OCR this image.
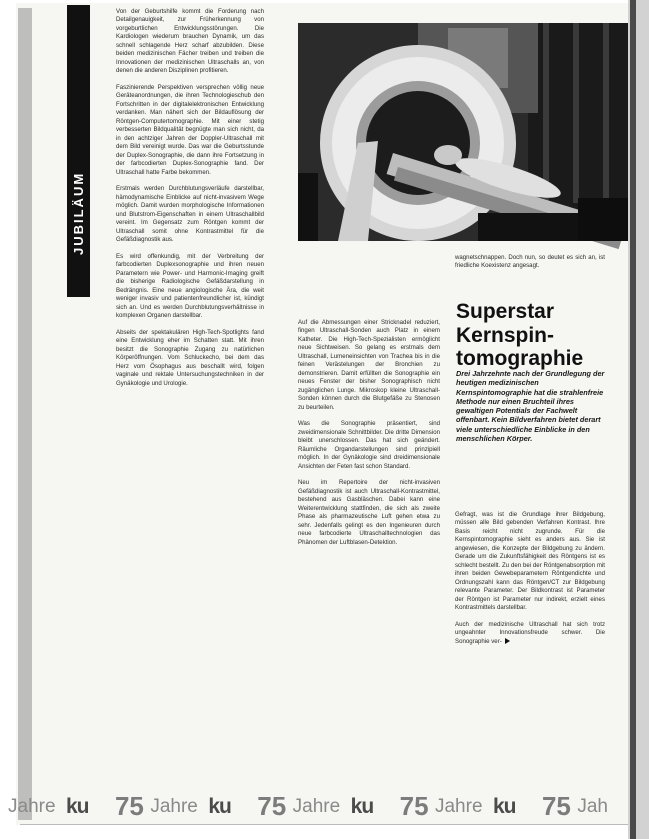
JUBILÄUM

Von der Geburtshilfe kommt die Forderung nach Detailgenauigkeit, zur Früherkennung von vorgeburtlichen Entwicklungsstörungen. Die Kardiologen wiederum brauchen Dynamik, um das schnell schlagende Herz scharf abzubilden. Diese beiden medizinischen Fächer treiben und treiben die Innovationen der medizinischen Ultraschalls an, von denen die anderen Disziplinen profitieren.

Faszinierende Perspektiven versprechen völlig neue Geräteanordnungen, die ihren Technologieschub den Fortschritten in der digitalelektronischen Entwicklung verdanken. Man nähert sich der Bildauflösung der Röntgen-Computertomographie. Mit einer stetig verbesserten Bildqualität begnügte man sich nicht, da in den achtziger Jahren der Doppler-Ultraschall mit dem Bild vereinigt wurde. Das war die Geburtsstunde der Duplex-Sonographie, die dann ihre Fortsetzung in der farbcodierten Duplex-Sonographie fand. Der Ultraschall hatte Farbe bekommen.

Erstmals werden Durchblutungsverläufe darstellbar, hämodynamische Einblicke auf nicht-invasivem Wege möglich. Damit wurden morphologische Informationen und Blutstrom-Eigenschaften in einem Ultraschallbild vereint. Im Gegensatz zum Röntgen kommt der Ultraschall somit ohne Kontrastmittel für die Gefäßdiagnostik aus.

Es wird offenkundig, mit der Verbreitung der farbcodierten Duplexsonographie und ihren neuen Parametern wie Power- und Harmonic-Imaging greift die bisherige Radiologische Gefäßdarstellung in Bedrängnis. Eine neue angiologische Ära, die weit weniger invasiv und patientenfreundlicher ist, kündigt sich an. Und es werden Durchblutungsverhältnisse in komplexen Organen darstellbar.

Abseits der spektakulären High-Tech-Spotlights fand eine Entwicklung eher im Schatten statt. Mit ihren besitzt die Sonographie Zugang zu natürlichen Körperöffnungen. Vom Schluckecho, bei dem das Herz vom Ösophagus aus beschallt wird, folgen vaginale und rektale Untersuchungstechniken in der Gynäkologie und Urologie.

Auf die Abmessungen einer Stricknadel reduziert, fingen Ultraschall-Sonden auch Platz in einem Katheter. Die High-Tech-Spezialisten ermöglicht neue Sichtweisen. So gelang es erstmals dem Ultraschall, Lumeneinsichten von Trachea bis in die feinen Verästelungen der Bronchien zu demonstrieren. Damit erfüllten die Sonographie ein neues Fenster der bisher Sonographisch nicht zugänglichen Lunge. Mikroskop kleine Ultraschall-Sonden können durch die Blutgefäße zu Stenosen zu beurteilen.

Was die Sonographie präsentiert, sind zweidimensionale Schnittbilder. Die dritte Dimension bleibt unerschlossen. Das hat sich geändert. Räumliche Organdarstellungen sind prinzipiell möglich. In der Gynäkologie sind dreidimensionale Ansichten der Feten fast schon Standard.

Neu im Repertoire der nicht-invasiven Gefäßdiagnostik ist auch Ultraschall-Kontrastmittel, bestehend aus Gasbläschen. Dabei kann eine Weiterentwicklung stattfinden, die sich als zweite Phase als pharmazeutische Luft gehen etwa zu sehr. Jedenfalls gelingt es den Ingenieuren durch neue farbcodierte Ultraschalltechnologien das Phänomen der Luftblasen-Detektion.

wagnetschnappen. Doch nun, so deutet es sich an, ist friedliche Koexistenz angesagt.

Superstar Kernspin-tomographie
Drei Jahrzehnte nach der Grundlegung der heutigen medizinischen Kernspintomographie hat die strahlenfreie Methode nur einen Bruchteil ihres gewaltigen Potentials der Fachwelt offenbart. Kein Bildverfahren bietet derart viele unterschiedliche Einblicke in den menschlichen Körper.

Gefragt, was ist die Grundlage ihrer Bildgebung, müssen alle Bild gebenden Verfahren Kontrast. Ihre Basis reicht nicht zugrunde. Für die Kernspintomographie sieht es anders aus. Sie ist angewiesen, die Konzepte der Bildgebung zu ändern. Gerade um die Zukunftsfähigkeit des Röntgens ist es schlecht bestellt. Zu den bei der Röntgenabsorption mit ihren beiden Gewebeparametern Röntgendichte und Ordnungszahl kann das Röntgen/CT zur Bildgebung relevante Parameter. Der Bildkontrast ist Parameter der Röntgen ist Parameter nur indirekt, erzielt eines Kontrastmittels darstellbar.

Auch der medizinische Ultraschall hat sich trotz ungeahnter Innovationsfreude schwer. Die Sonographie ver-

Jahre ku 75 Jahre ku 75 Jahre ku 75 Jahre ku 75 Jah
